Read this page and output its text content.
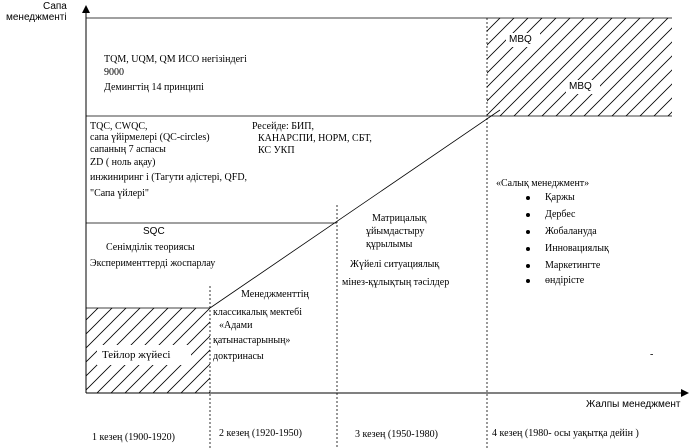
Сапа
менеджменті
Жалпы менеджмент
TQM, UQM, QM ИСО негізіндегі
9000
Демингтің 14 принципі
MBQ
MBQ
TQC, CWQC,
сапа үйірмелері (QC-circles)
сапаның 7 аспасы
ZD ( ноль ақау)
инжиниринг і (Тагути әдістері, QFD,
"Сапа үйлері"
Ресейде: БИП,
КАНАРСПИ, НОРМ, СБТ,
КС УКП
SQC
Сенімділік теориясы
Эксперименттерді жоспарлау
Тейлор жүйесі
Менеджменттің
классикалық мектебі
«Адами
қатынастарының»
доктринасы
Матрицалық
ұйымдастыру
құрылымы
Жүйелі ситуациялық
мінез-құлықтың тәсілдер
«Салық менеджмент»
Қаржы
Дербес
Жобалануда
Инновациялық
Маркетингте
өндірісте
-
1 кезең (1900-1920)	2 кезең (1920-1950)	3 кезең (1950-1980)	4 кезең (1980- осы уақытқа дейін )
